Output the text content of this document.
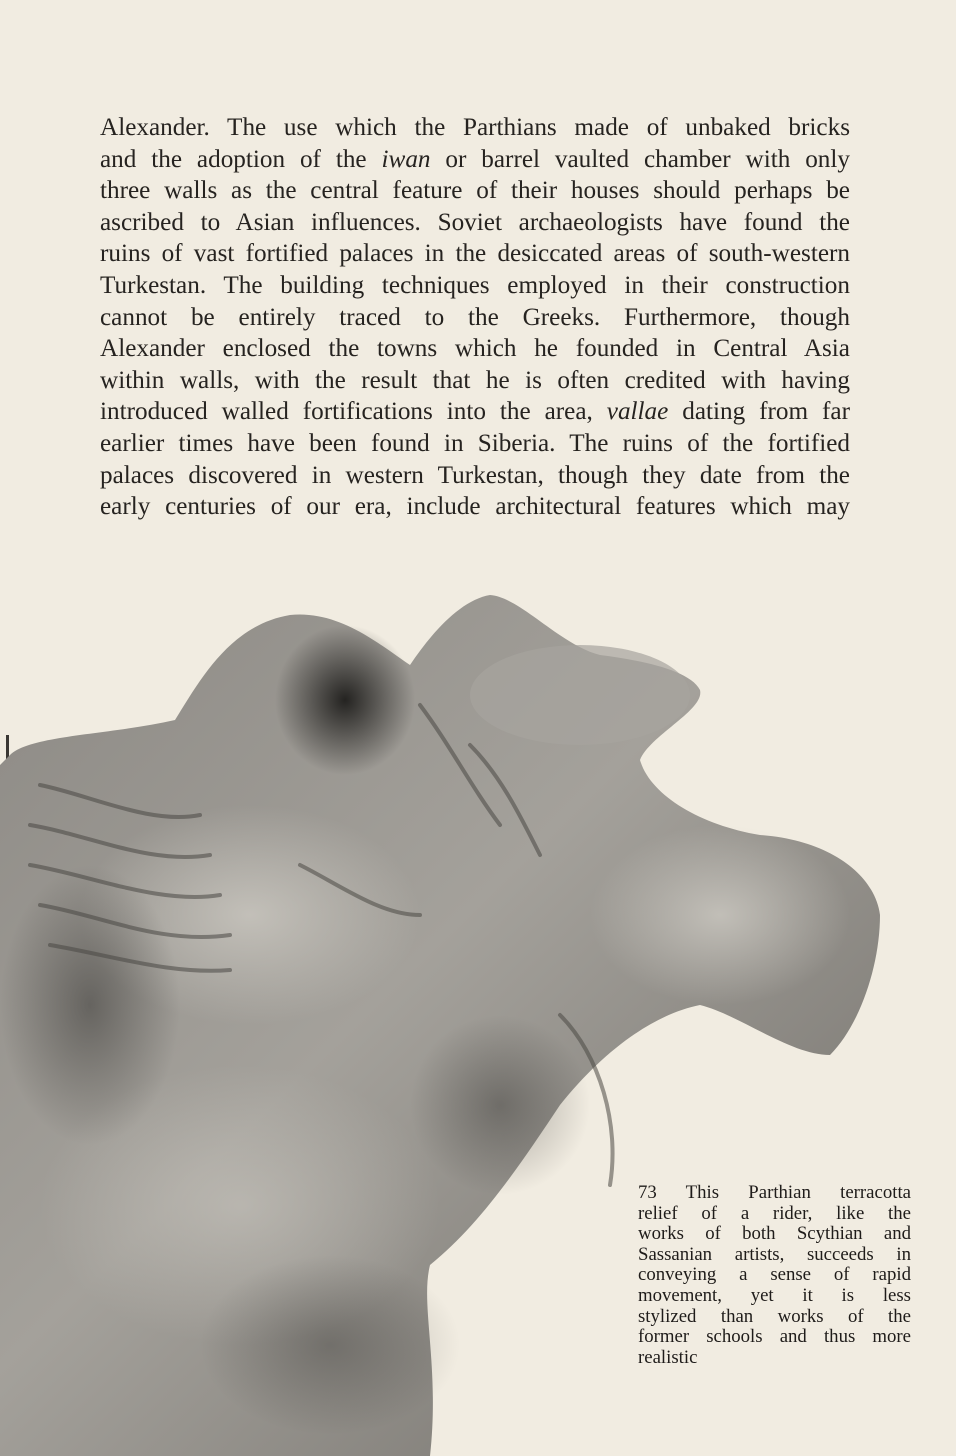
Alexander. The use which the Parthians made of unbaked bricks
and the adoption of the iwan or barrel vaulted chamber with only
three walls as the central feature of their houses should perhaps be
ascribed to Asian influences. Soviet archaeologists have found the
ruins of vast fortified palaces in the desiccated areas of south-western
Turkestan. The building techniques employed in their construction
cannot be entirely traced to the Greeks. Furthermore, though
Alexander enclosed the towns which he founded in Central Asia
within walls, with the result that he is often credited with having
introduced walled fortifications into the area, vallae dating from far
earlier times have been found in Siberia. The ruins of the fortified
palaces discovered in western Turkestan, though they date from the
early centuries of our era, include architectural features which may
73 This Parthian terracotta
relief of a rider, like the
works of both Scythian and
Sassanian artists, succeeds in
conveying a sense of rapid
movement, yet it is less
stylized than works of the
former schools and thus more
realistic
